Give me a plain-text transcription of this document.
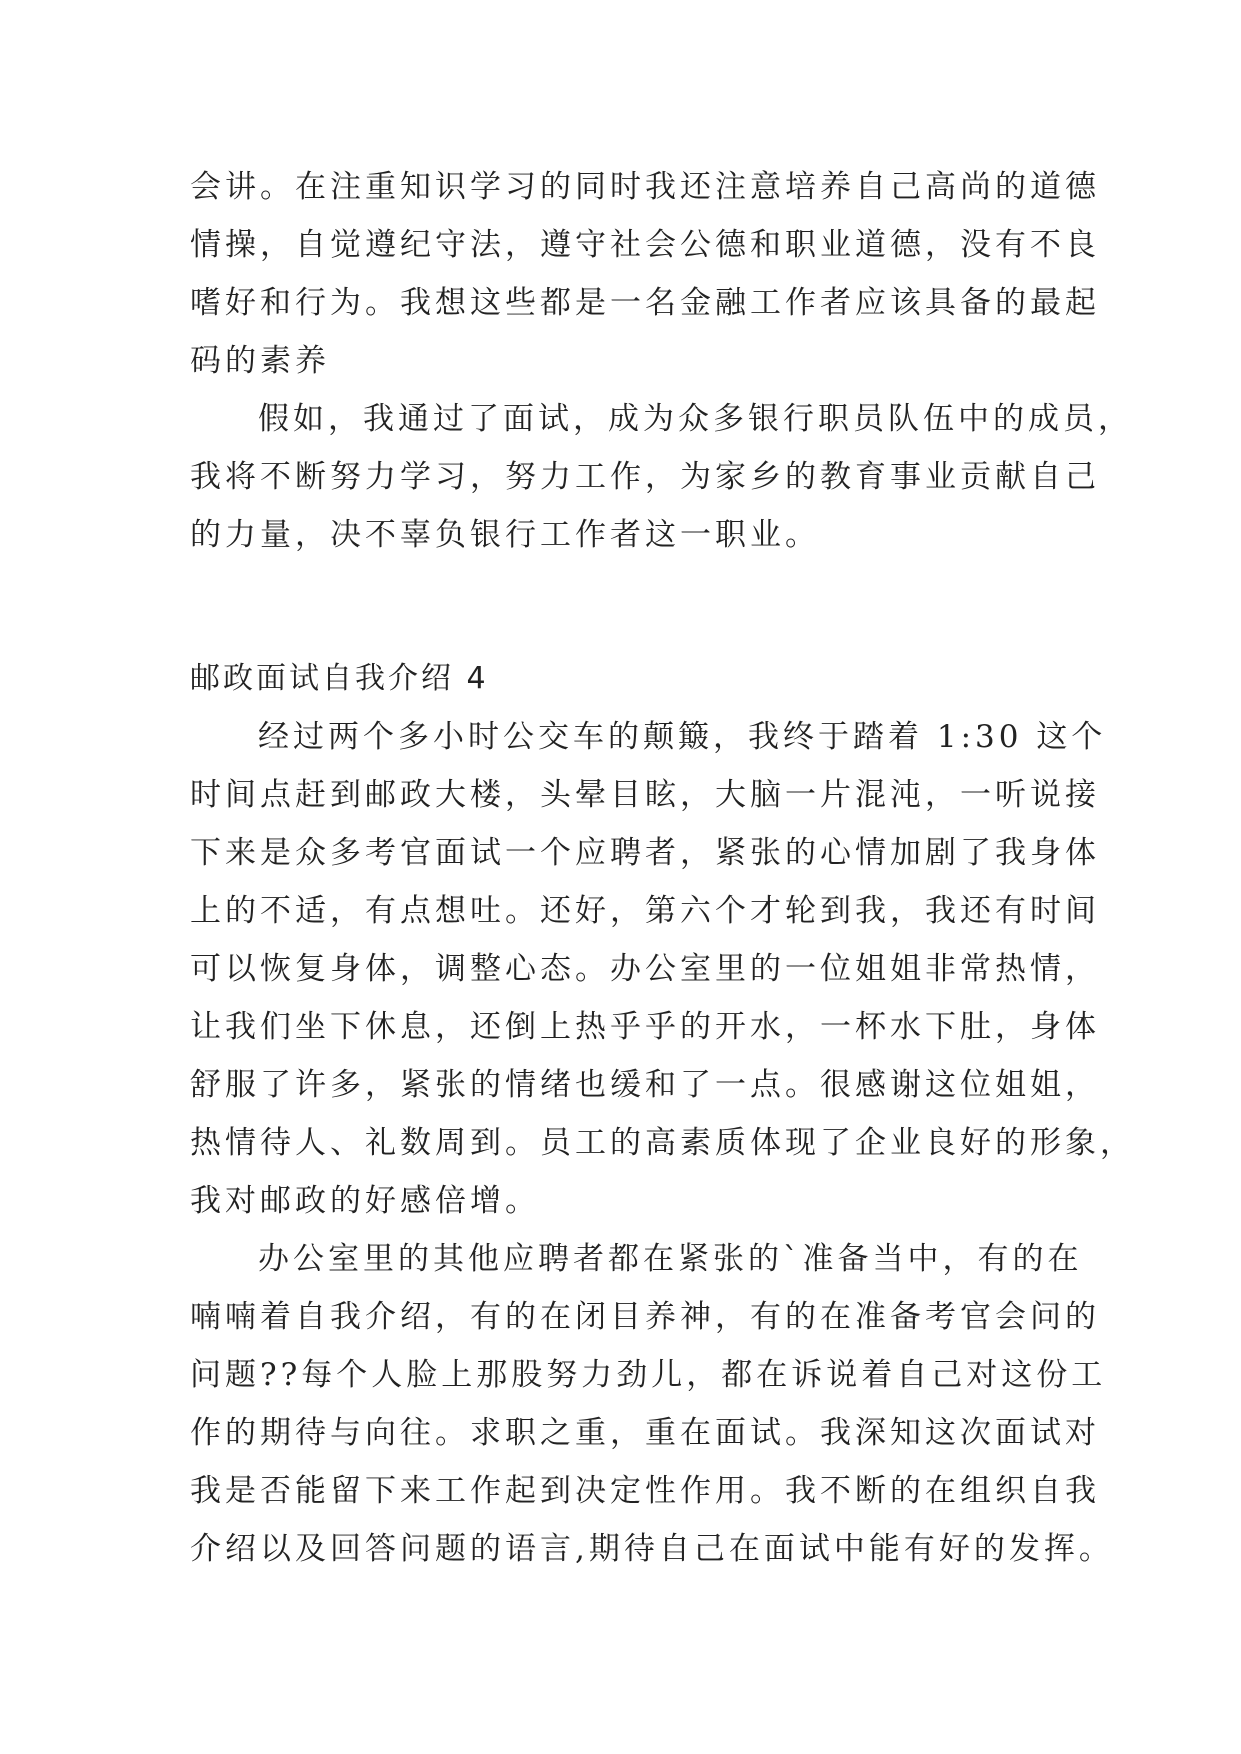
会讲。在注重知识学习的同时我还注意培养自己高尚的道德
情操，自觉遵纪守法，遵守社会公德和职业道德，没有不良
嗜好和行为。我想这些都是一名金融工作者应该具备的最起
码的素养
假如，我通过了面试，成为众多银行职员队伍中的成员，
我将不断努力学习，努力工作，为家乡的教育事业贡献自己
的力量，决不辜负银行工作者这一职业。
邮政面试自我介绍 4
经过两个多小时公交车的颠簸，我终于踏着 1:30 这个
时间点赶到邮政大楼，头晕目眩，大脑一片混沌，一听说接
下来是众多考官面试一个应聘者，紧张的心情加剧了我身体
上的不适，有点想吐。还好，第六个才轮到我，我还有时间
可以恢复身体，调整心态。办公室里的一位姐姐非常热情，
让我们坐下休息，还倒上热乎乎的开水，一杯水下肚，身体
舒服了许多，紧张的情绪也缓和了一点。很感谢这位姐姐，
热情待人、礼数周到。员工的高素质体现了企业良好的形象，
我对邮政的好感倍增。
办公室里的其他应聘者都在紧张的`准备当中，有的在
喃喃着自我介绍，有的在闭目养神，有的在准备考官会问的
问题??每个人脸上那股努力劲儿，都在诉说着自己对这份工
作的期待与向往。求职之重，重在面试。我深知这次面试对
我是否能留下来工作起到决定性作用。我不断的在组织自我
介绍以及回答问题的语言,期待自己在面试中能有好的发挥。
